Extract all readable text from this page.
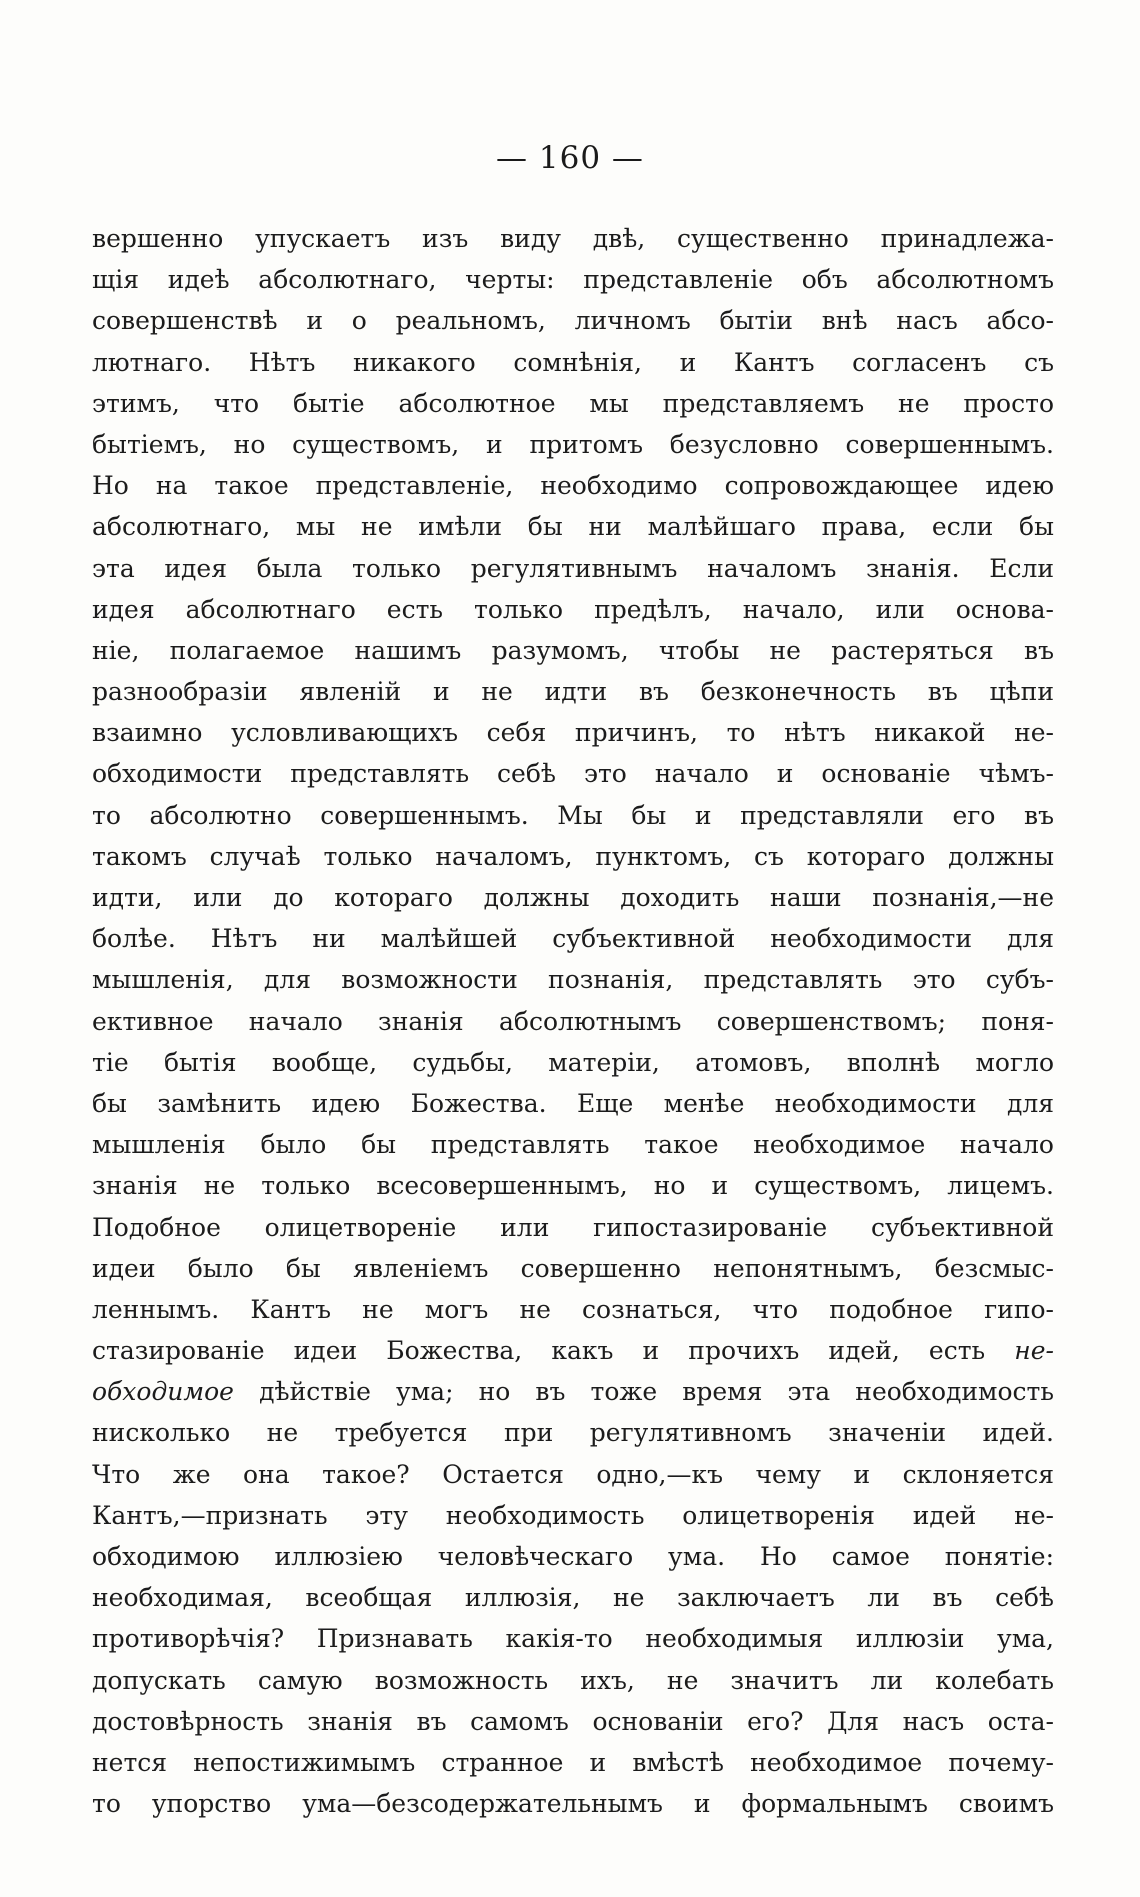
— 160 —
вершенно упускаетъ изъ виду двѣ, существенно принадлежа-
щія идеѣ абсолютнаго, черты: представленіе объ абсолютномъ
совершенствѣ и о реальномъ, личномъ бытіи внѣ насъ абсо-
лютнаго. Нѣтъ никакого сомнѣнія, и Кантъ согласенъ съ
этимъ, что бытіе абсолютное мы представляемъ не просто
бытіемъ, но существомъ, и притомъ безусловно совершеннымъ.
Но на такое представленіе, необходимо сопровождающее идею
абсолютнаго, мы не имѣли бы ни малѣйшаго права, если бы
эта идея была только регулятивнымъ началомъ знанія. Если
идея абсолютнаго есть только предѣлъ, начало, или основа-
ніе, полагаемое нашимъ разумомъ, чтобы не растеряться въ
разнообразіи явленій и не идти въ безконечность въ цѣпи
взаимно условливающихъ себя причинъ, то нѣтъ никакой не-
обходимости представлять себѣ это начало и основаніе чѣмъ-
то абсолютно совершеннымъ. Мы бы и представляли его въ
такомъ случаѣ только началомъ, пунктомъ, съ котораго должны
идти, или до котораго должны доходить наши познанія,—не
болѣе. Нѣтъ ни малѣйшей субъективной необходимости для
мышленія, для возможности познанія, представлять это субъ-
ективное начало знанія абсолютнымъ совершенствомъ; поня-
тіе бытія вообще, судьбы, матеріи, атомовъ, вполнѣ могло
бы замѣнить идею Божества. Еще менѣе необходимости для
мышленія было бы представлять такое необходимое начало
знанія не только всесовершеннымъ, но и существомъ, лицемъ.
Подобное олицетвореніе или гипостазированіе субъективной
идеи было бы явленіемъ совершенно непонятнымъ, безсмыс-
леннымъ. Кантъ не могъ не сознаться, что подобное гипо-
стазированіе идеи Божества, какъ и прочихъ идей, есть не-
обходимое дѣйствіе ума; но въ тоже время эта необходимость
нисколько не требуется при регулятивномъ значеніи идей.
Что же она такое? Остается одно,—къ чему и склоняется
Кантъ,—признать эту необходимость олицетворенія идей не-
обходимою иллюзіею человѣческаго ума. Но самое понятіе:
необходимая, всеобщая иллюзія, не заключаетъ ли въ себѣ
противорѣчія? Признавать какія-то необходимыя иллюзіи ума,
допускать самую возможность ихъ, не значитъ ли колебать
достовѣрность знанія въ самомъ основаніи его? Для насъ оста-
нется непостижимымъ странное и вмѣстѣ необходимое почему-
то упорство ума—безсодержательнымъ и формальнымъ своимъ
